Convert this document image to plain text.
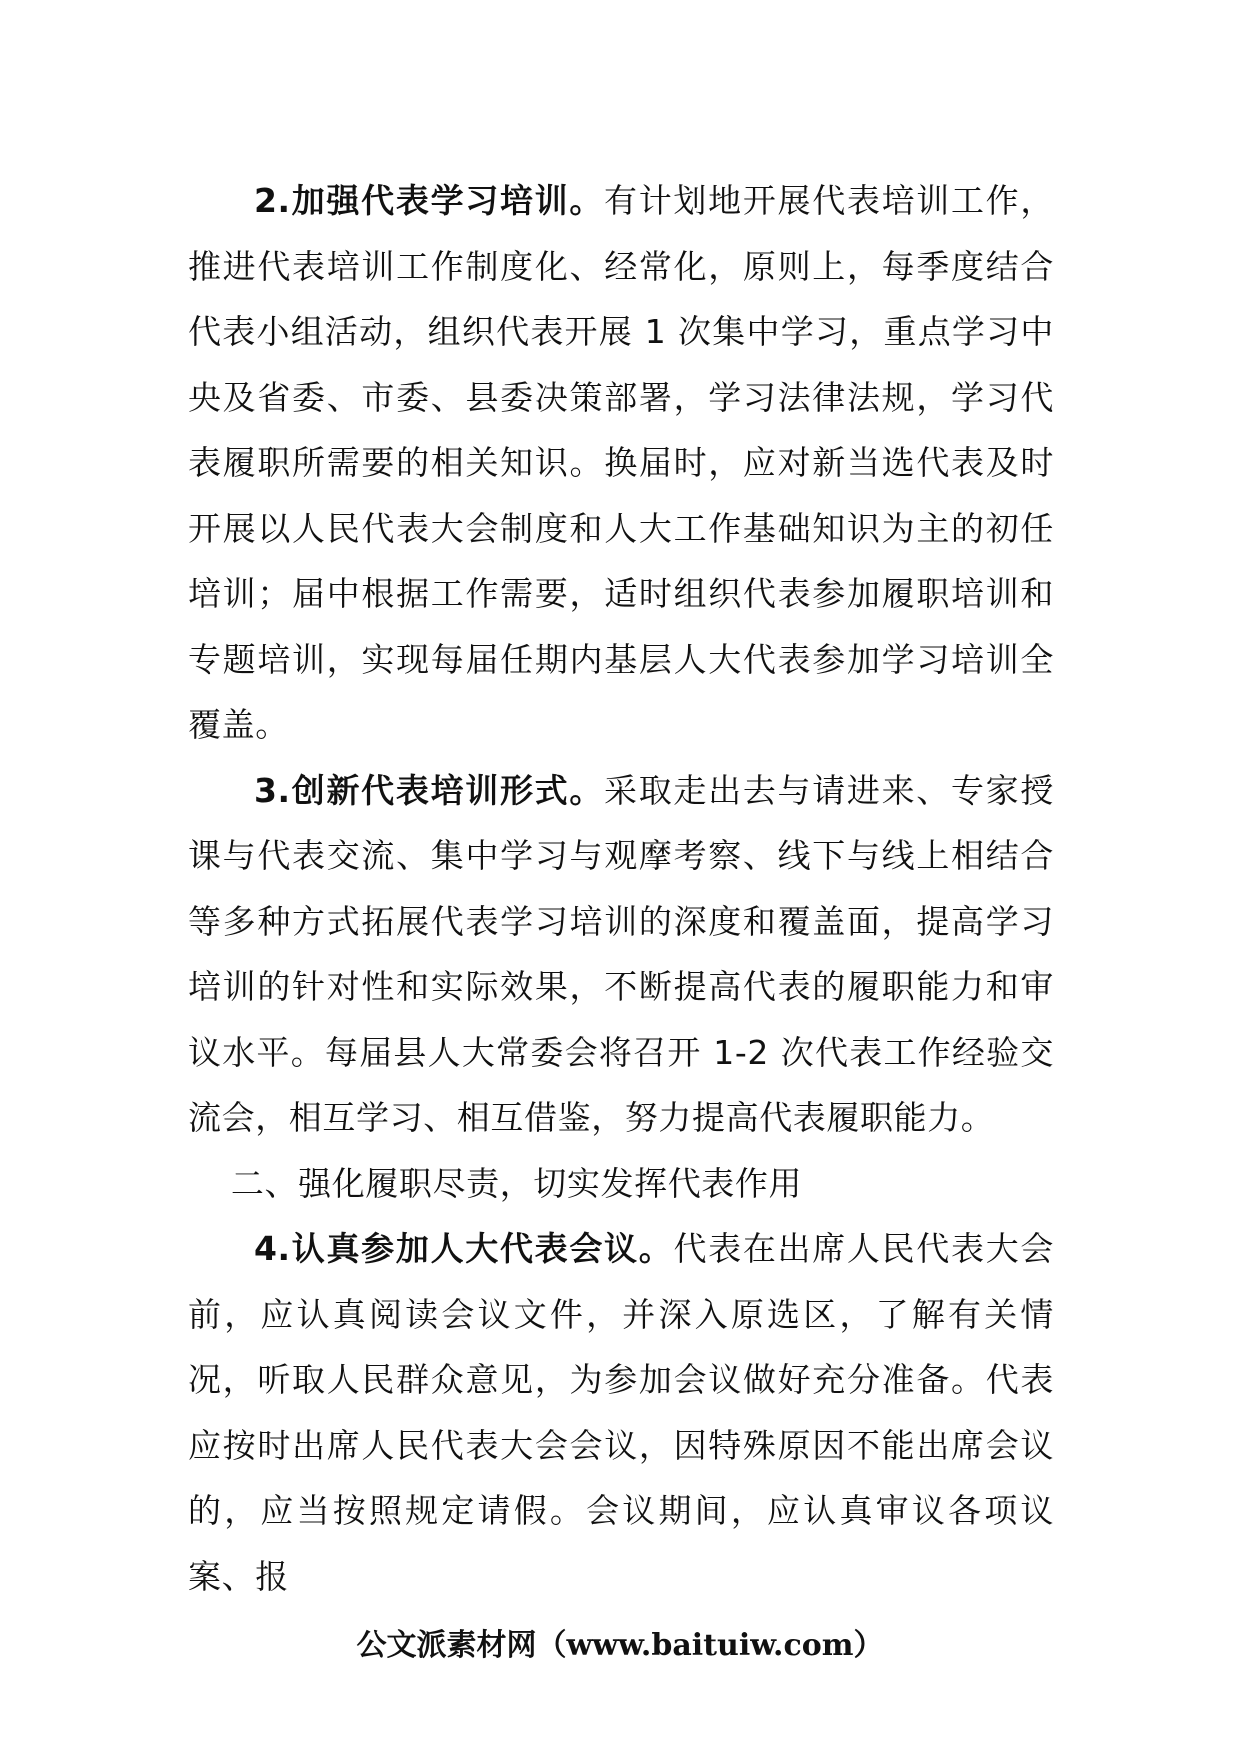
2.加强代表学习培训。有计划地开展代表培训工作，推进代表培训工作制度化、经常化，原则上，每季度结合代表小组活动，组织代表开展 1 次集中学习，重点学习中央及省委、市委、县委决策部署，学习法律法规，学习代表履职所需要的相关知识。换届时，应对新当选代表及时开展以人民代表大会制度和人大工作基础知识为主的初任培训；届中根据工作需要，适时组织代表参加履职培训和专题培训，实现每届任期内基层人大代表参加学习培训全覆盖。

3.创新代表培训形式。采取走出去与请进来、专家授课与代表交流、集中学习与观摩考察、线下与线上相结合等多种方式拓展代表学习培训的深度和覆盖面，提高学习培训的针对性和实际效果，不断提高代表的履职能力和审议水平。每届县人大常委会将召开 1-2 次代表工作经验交流会，相互学习、相互借鉴，努力提高代表履职能力。

二、强化履职尽责，切实发挥代表作用

4.认真参加人大代表会议。代表在出席人民代表大会前，应认真阅读会议文件，并深入原选区，了解有关情况，听取人民群众意见，为参加会议做好充分准备。代表应按时出席人民代表大会会议，因特殊原因不能出席会议的，应当按照规定请假。会议期间，应认真审议各项议案、报

公文派素材网（www.baituiw.com）
